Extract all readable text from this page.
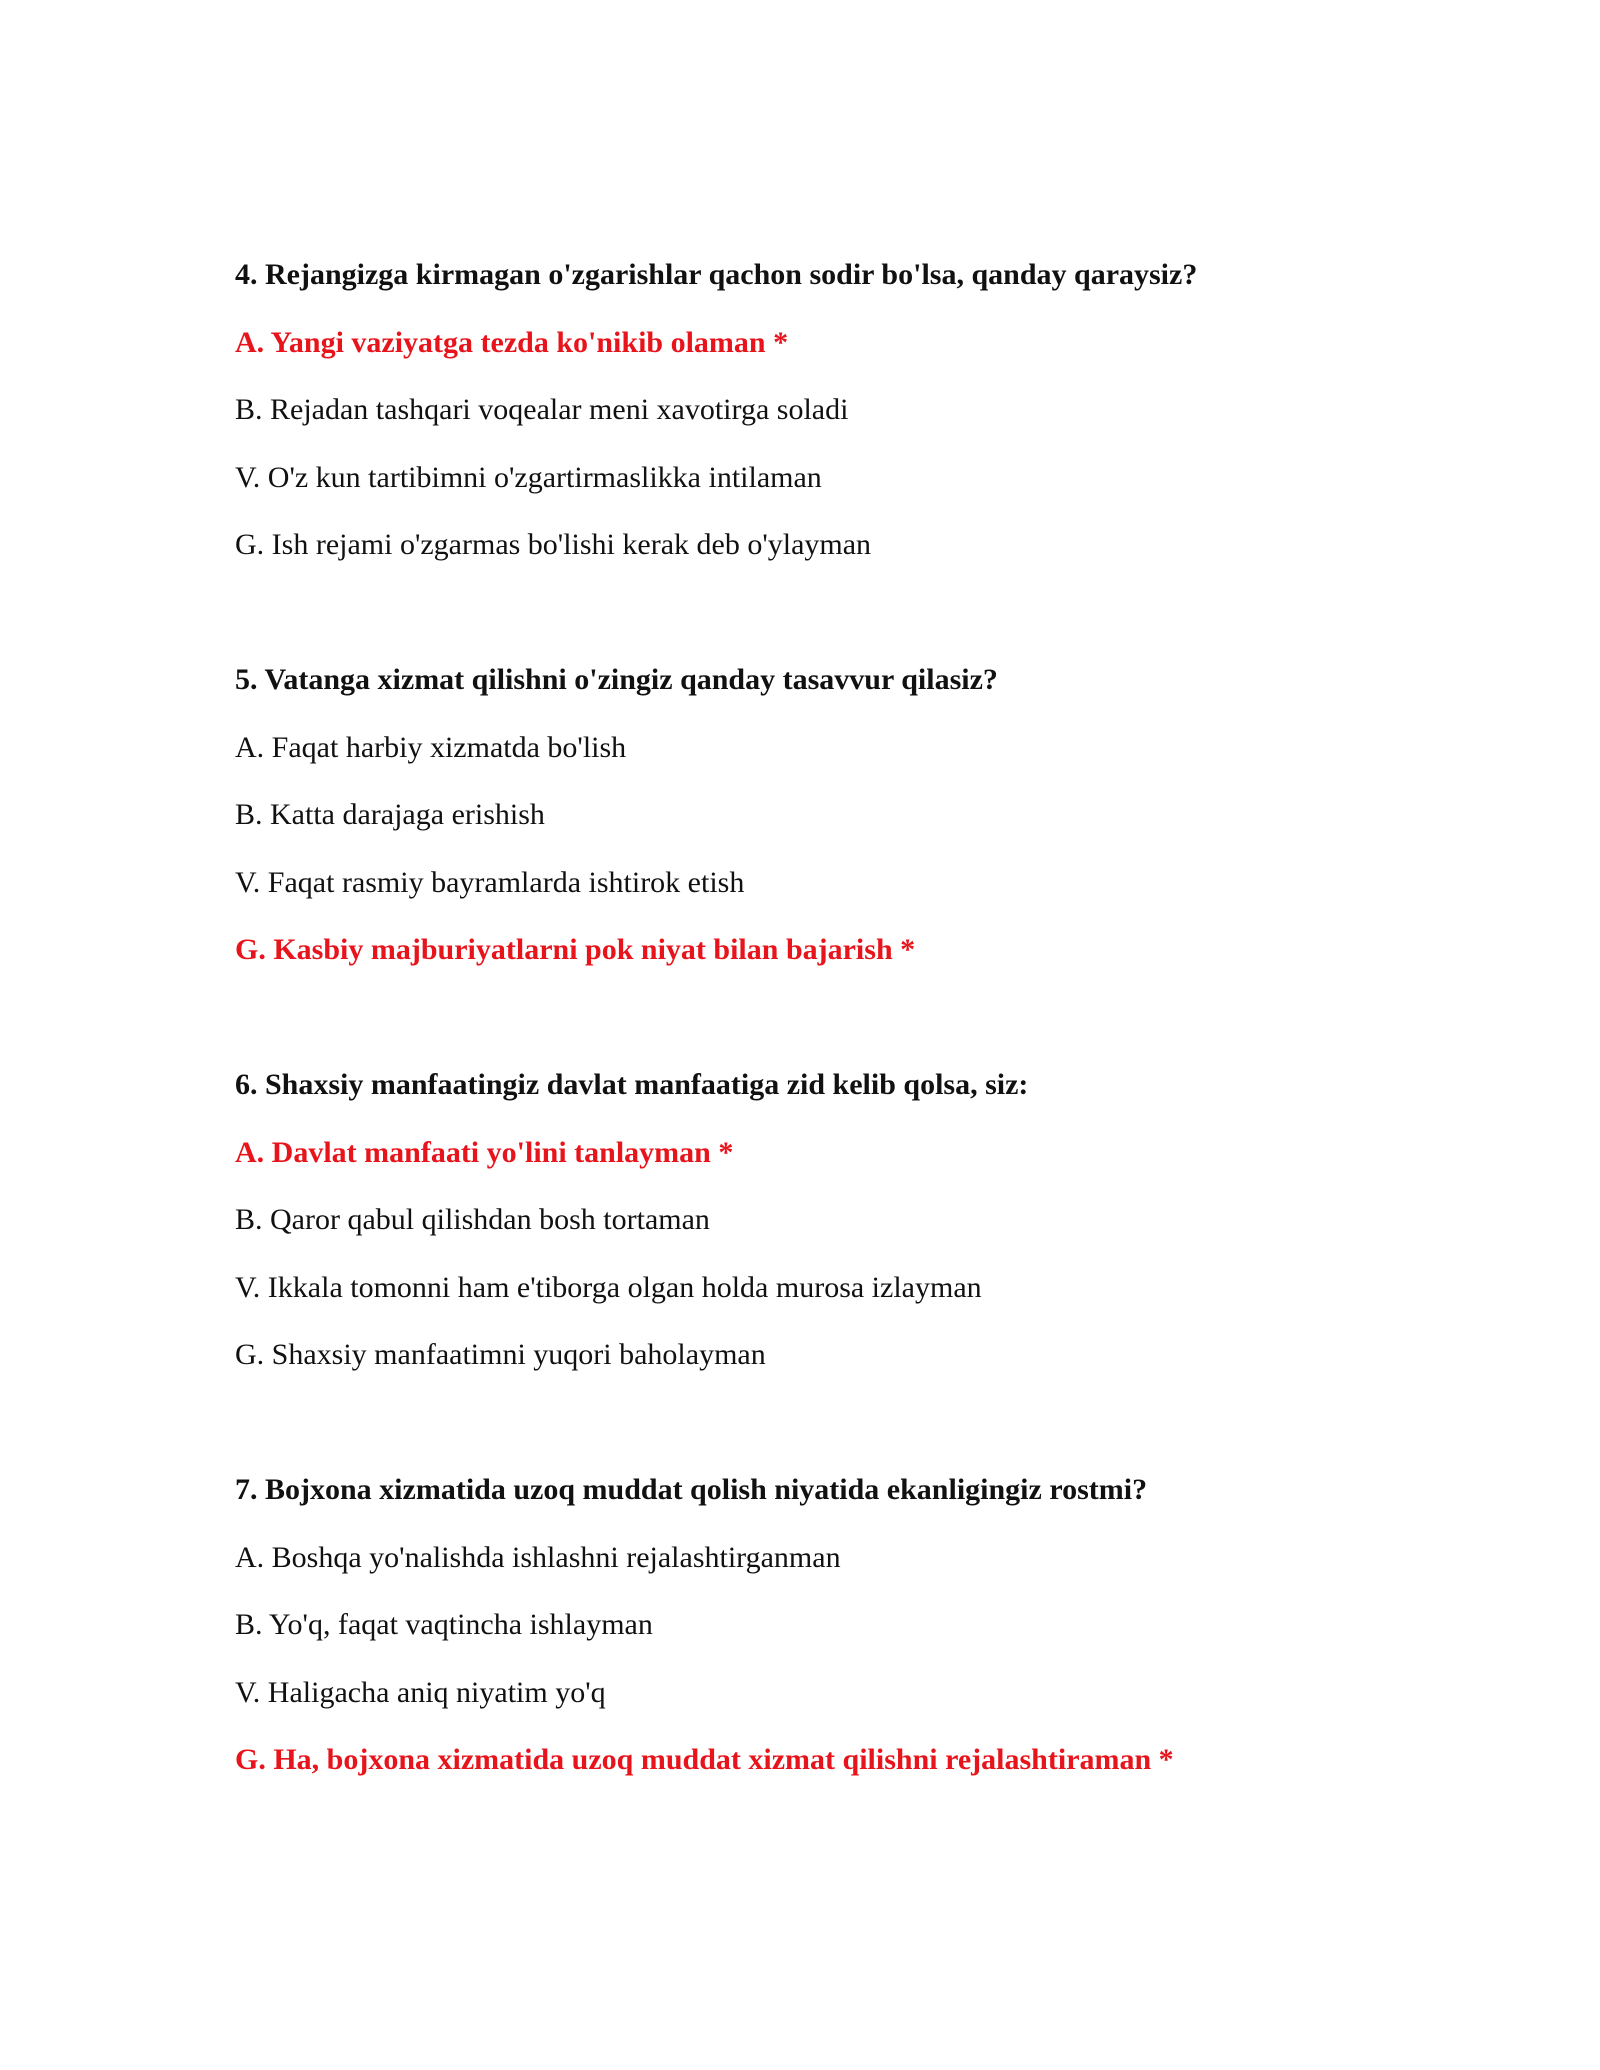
4. Rejangizga kirmagan o'zgarishlar qachon sodir bo'lsa, qanday qaraysiz?
A. Yangi vaziyatga tezda ko'nikib olaman *
B. Rejadan tashqari voqealar meni xavotirga soladi
V. O'z kun tartibimni o'zgartirmaslikka intilaman
G. Ish rejami o'zgarmas bo'lishi kerak deb o'ylayman
5. Vatanga xizmat qilishni o'zingiz qanday tasavvur qilasiz?
A. Faqat harbiy xizmatda bo'lish
B. Katta darajaga erishish
V. Faqat rasmiy bayramlarda ishtirok etish
G. Kasbiy majburiyatlarni pok niyat bilan bajarish *
6. Shaxsiy manfaatingiz davlat manfaatiga zid kelib qolsa, siz:
A. Davlat manfaati yo'lini tanlayman *
B. Qaror qabul qilishdan bosh tortaman
V. Ikkala tomonni ham e'tiborga olgan holda murosa izlayman
G. Shaxsiy manfaatimni yuqori baholayman
7. Bojxona xizmatida uzoq muddat qolish niyatida ekanligingiz rostmi?
A. Boshqa yo'nalishda ishlashni rejalashtirganman
B. Yo'q, faqat vaqtincha ishlayman
V. Haligacha aniq niyatim yo'q
G. Ha, bojxona xizmatida uzoq muddat xizmat qilishni rejalashtiraman *
